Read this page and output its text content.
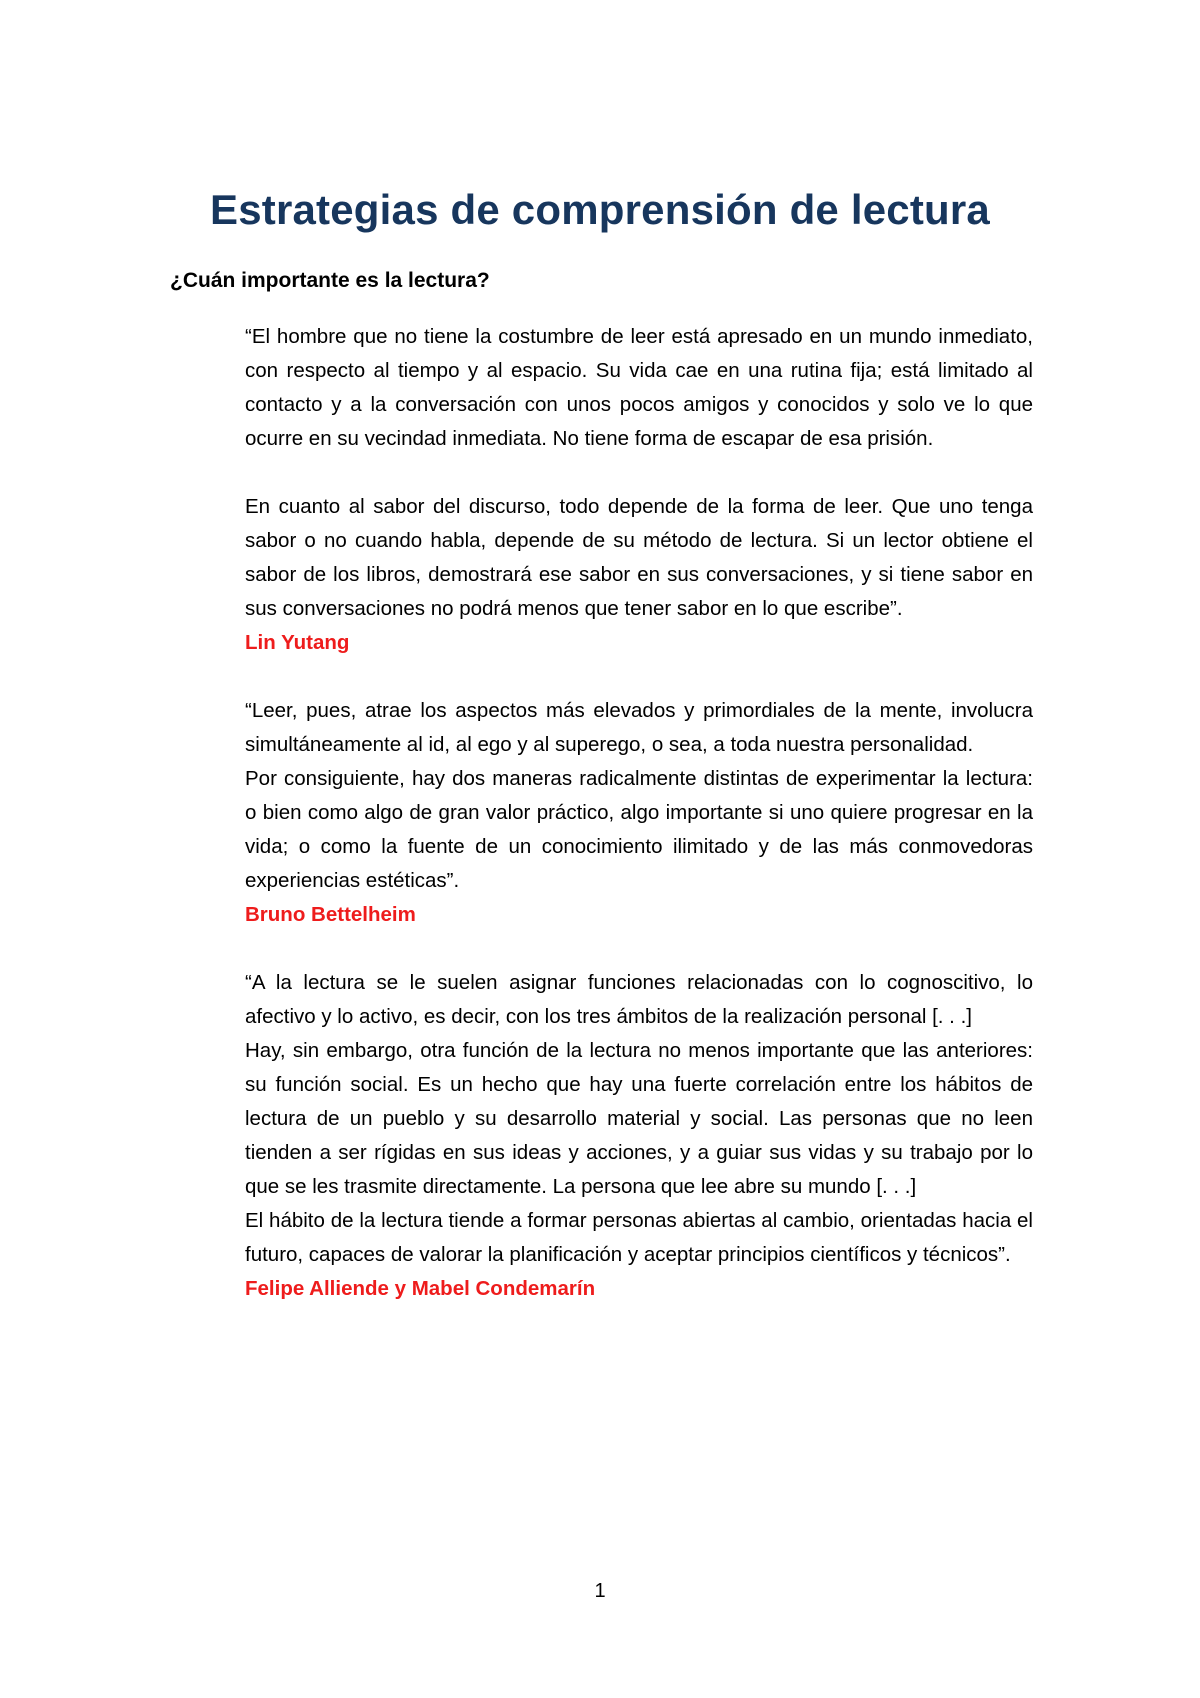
Estrategias de comprensión de lectura
¿Cuán importante es la lectura?

“El hombre que no tiene la costumbre de leer está apresado en un mundo inmediato, con respecto al tiempo y al espacio. Su vida cae en una rutina fija; está limitado al contacto y a la conversación con unos pocos amigos y conocidos y solo ve lo que ocurre en su vecindad inmediata. No tiene forma de escapar de esa prisión.

En cuanto al sabor del discurso, todo depende de la forma de leer. Que uno tenga sabor o no cuando habla, depende de su método de lectura. Si un lector obtiene el sabor de los libros, demostrará ese sabor en sus conversaciones, y si tiene sabor en sus conversaciones no podrá menos que tener sabor en lo que escribe”.

Lin Yutang

“Leer, pues, atrae los aspectos más elevados y primordiales de la mente, involucra simultáneamente al id, al ego y al superego, o sea, a toda nuestra personalidad.

Por consiguiente, hay dos maneras radicalmente distintas de experimentar la lectura: o bien como algo de gran valor práctico, algo importante si uno quiere progresar en la vida; o como la fuente de un conocimiento ilimitado y de las más conmovedoras experiencias estéticas”.

Bruno Bettelheim

“A la lectura se le suelen asignar funciones relacionadas con lo cognoscitivo, lo afectivo y lo activo, es decir, con los tres ámbitos de la realización personal [. . .]

Hay, sin embargo, otra función de la lectura no menos importante que las anteriores: su función social. Es un hecho que hay una fuerte correlación entre los hábitos de lectura de un pueblo y su desarrollo material y social. Las personas que no leen tienden a ser rígidas en sus ideas y acciones, y a guiar sus vidas y su trabajo por lo que se les trasmite directamente. La persona que lee abre su mundo [. . .]

El hábito de la lectura tiende a formar personas abiertas al cambio, orientadas hacia el futuro, capaces de valorar la planificación y aceptar principios científicos y técnicos”.

Felipe Alliende y Mabel Condemarín

1
